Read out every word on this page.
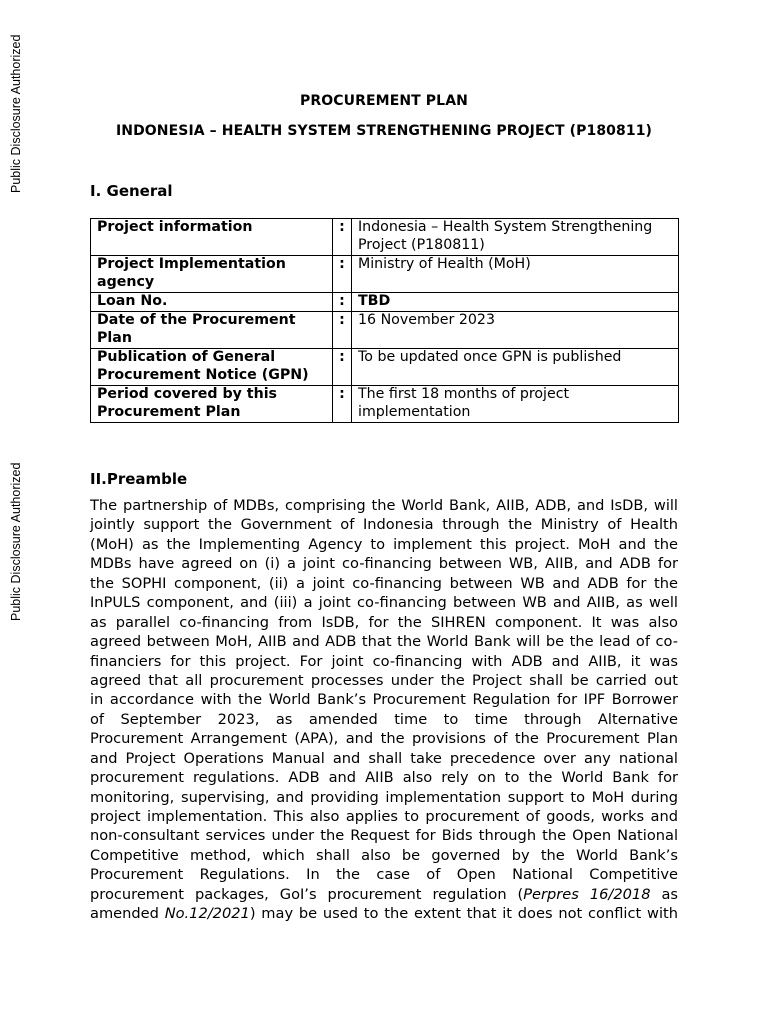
Public Disclosure Authorized
Public Disclosure Authorized
PROCUREMENT PLAN
INDONESIA – HEALTH SYSTEM STRENGTHENING PROJECT (P180811)
I. General
Project information	:	Indonesia – Health System Strengthening Project (P180811)
Project Implementation agency	:	Ministry of Health (MoH)
Loan No.	:	TBD
Date of the Procurement Plan	:	16 November 2023
Publication of General Procurement Notice (GPN)	:	To be updated once GPN is published
Period covered by this Procurement Plan	:	The first 18 months of project implementation
II.Preamble
The partnership of MDBs, comprising the World Bank, AIIB, ADB, and IsDB, will
jointly support the Government of Indonesia through the Ministry of Health
(MoH) as the Implementing Agency to implement this project. MoH and the
MDBs have agreed on (i) a joint co-financing between WB, AIIB, and ADB for
the SOPHI component, (ii) a joint co-financing between WB and ADB for the
InPULS component, and (iii) a joint co-financing between WB and AIIB, as well
as parallel co-financing from IsDB, for the SIHREN component. It was also
agreed between MoH, AIIB and ADB that the World Bank will be the lead of co-
financiers for this project. For joint co-financing with ADB and AIIB, it was
agreed that all procurement processes under the Project shall be carried out
in accordance with the World Bank’s Procurement Regulation for IPF Borrower
of September 2023, as amended time to time through Alternative
Procurement Arrangement (APA), and the provisions of the Procurement Plan
and Project Operations Manual and shall take precedence over any national
procurement regulations. ADB and AIIB also rely on to the World Bank for
monitoring, supervising, and providing implementation support to MoH during
project implementation. This also applies to procurement of goods, works and
non-consultant services under the Request for Bids through the Open National
Competitive method, which shall also be governed by the World Bank’s
Procurement Regulations. In the case of Open National Competitive
procurement packages, GoI’s procurement regulation (Perpres 16/2018 as
amended No.12/2021) may be used to the extent that it does not conflict with
